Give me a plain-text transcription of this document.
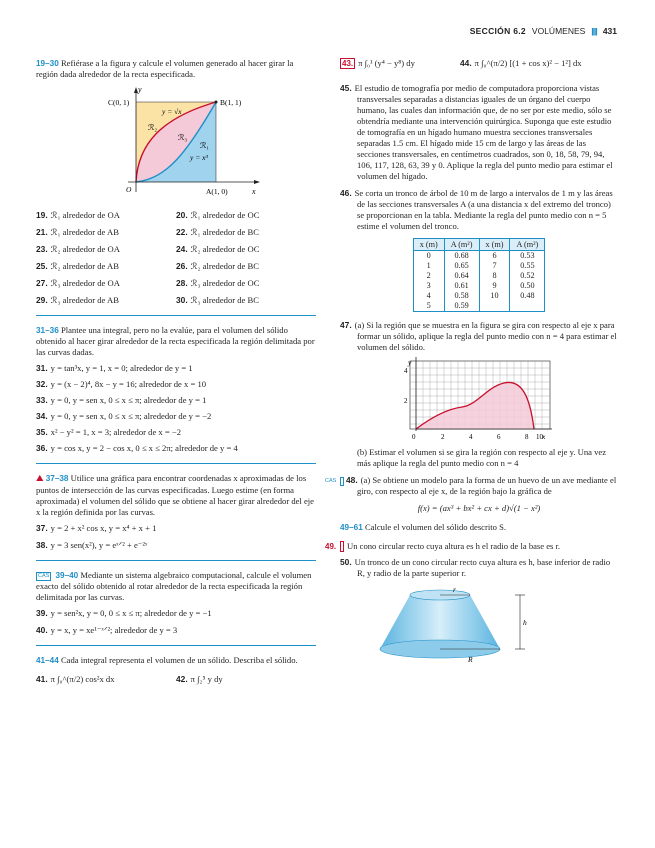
SECCIÓN 6.2 VOLÚMENES |||| 431

19–30 Refiérase a la figura y calcule el volumen generado al hacer girar la región dada alrededor de la recta especificada.

y
x
C(0, 1)	B(1, 1)
O	A(1, 0)
y = √x
y = x³
ℛ₂
ℛ₃
ℛ₁
19. ℛ₁ alrededor de OA	20. ℛ₁ alrededor de OC
21. ℛ₁ alrededor de AB	22. ℛ₁ alrededor de BC
23. ℛ₂ alrededor de OA	24. ℛ₂ alrededor de OC
25. ℛ₂ alrededor de AB	26. ℛ₂ alrededor de BC
27. ℛ₃ alrededor de OA	28. ℛ₃ alrededor de OC
29. ℛ₃ alrededor de AB	30. ℛ₃ alrededor de BC

31–36 Plantee una integral, pero no la evalúe, para el volumen del sólido obtenido al hacer girar alrededor de la recta especificada la región delimitada por las curvas dadas.

31. y = tan³x, y = 1, x = 0; alrededor de y = 1
32. y = (x − 2)⁴, 8x − y = 16; alrededor de x = 10
33. y = 0, y = sen x, 0 ≤ x ≤ π; alrededor de y = 1
34. y = 0, y = sen x, 0 ≤ x ≤ π; alrededor de y = −2
35. x² − y² = 1, x = 3; alrededor de x = −2
36. y = cos x, y = 2 − cos x, 0 ≤ x ≤ 2π; alrededor de y = 4

⛰ 37–38 Utilice una gráfica para encontrar coordenadas x aproximadas de los puntos de intersección de las curvas especificadas. Luego estime (en forma aproximada) el volumen del sólido que se obtiene al hacer girar alrededor del eje x la región definida por las curvas.

37. y = 2 + x² cos x, y = x⁴ + x + 1
38. y = 3 sen(x²), y = eˣᐟ² + e⁻²ˣ

CAS 39–40 Mediante un sistema algebraico computacional, calcule el volumen exacto del sólido obtenido al rotar alrededor de la recta especificada la región delimitada por las curvas.

39. y = sen²x, y = 0, 0 ≤ x ≤ π; alrededor de y = −1
40. y = x, y = xe¹⁻ˣᐟ²; alrededor de y = 3

41–44 Cada integral representa el volumen de un sólido. Describa el sólido.

41. π ∫₀^(π/2) cos²x dx	42. π ∫₂⁵ y dy
43. π ∫₀¹ (y⁴ − y⁸) dy	44. π ∫₀^(π/2) [(1 + cos x)² − 1²] dx

45. El estudio de tomografía por medio de computadora proporciona vistas transversales separadas a distancias iguales de un órgano del cuerpo humano, las cuales dan información que, de no ser por este medio, sólo se obtendría mediante una intervención quirúrgica. Suponga que este estudio de tomografía en un hígado humano muestra secciones transversales separadas 1.5 cm. El hígado mide 15 cm de largo y las áreas de las secciones transversales, en centímetros cuadrados, son 0, 18, 58, 79, 94, 106, 117, 128, 63, 39 y 0. Aplique la regla del punto medio para estimar el volumen del hígado.

46. Se corta un tronco de árbol de 10 m de largo a intervalos de 1 m y las áreas de las secciones transversales A (a una distancia x del extremo del tronco) se proporcionan en la tabla. Mediante la regla del punto medio con n = 5 estime el volumen del tronco.

x (m)	A (m²)	x (m)	A (m²)
0	0.68	6	0.53
1	0.65	7	0.55
2	0.64	8	0.52
3	0.61	9	0.50
4	0.58	10	0.48
5	0.59		

47. (a) Si la región que se muestra en la figura se gira con respecto al eje x para formar un sólido, aplique la regla del punto medio con n = 4 para estimar el volumen del sólido.

y
x
4
2
0	2	4	6	8 10

(b) Estimar el volumen si se gira la región con respecto al eje y. Una vez más aplique la regla del punto medio con n = 4

CAS 48. (a) Se obtiene un modelo para la forma de un huevo de un ave mediante el giro, con respecto al eje x, de la región bajo la gráfica de

f(x) = (ax³ + bx² + cx + d)√(1 − x²)

49–61 Calcule el volumen del sólido descrito S.

49. Un cono circular recto cuya altura es h el radio de la base es r.

50. Un tronco de un cono circular recto cuya altura es h, base inferior de radio R, y radio de la parte superior r.

r
h
R
